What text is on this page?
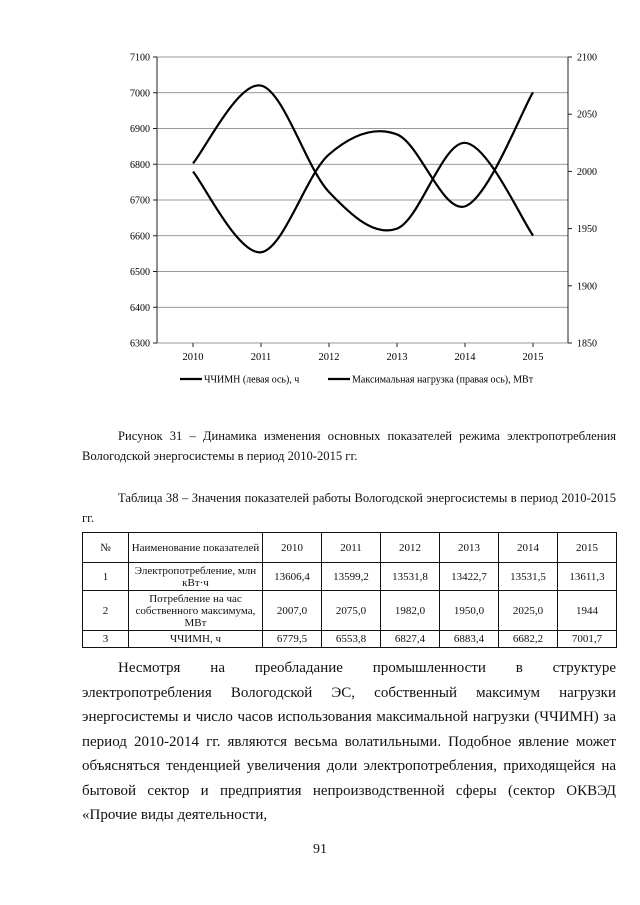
6300
6400
6500
6600
6700
6800
6900
7000
7100
1850
1900
1950
2000
2050
2100
2010	2011	2012	2013	2014	2015
ЧЧИМН (левая ось), ч	Максимальная нагрузка (правая ось), МВт

Рисунок 31 – Динамика изменения основных показателей режима электропотребления Вологодской энергосистемы в период 2010-2015 гг.

Таблица 38 – Значения показателей работы Вологодской энергосистемы в период 2010-2015 гг.

№	Наименование показателей	2010	2011	2012	2013	2014	2015
1	Электропотребление, млн кВт·ч	13606,4	13599,2	13531,8	13422,7	13531,5	13611,3
2	Потребление на час собственного максимума, МВт	2007,0	2075,0	1982,0	1950,0	2025,0	1944
3	ЧЧИМН, ч	6779,5	6553,8	6827,4	6883,4	6682,2	7001,7

Несмотря на преобладание промышленности в структуре электропотребления Вологодской ЭС, собственный максимум нагрузки энергосистемы и число часов использования максимальной нагрузки (ЧЧИМН) за период 2010-2014 гг. являются весьма волатильными. Подобное явление может объясняться тенденцией увеличения доли электропотребления, приходящейся на бытовой сектор и предприятия непроизводственной сферы (сектор ОКВЭД «Прочие виды деятельности,

91
